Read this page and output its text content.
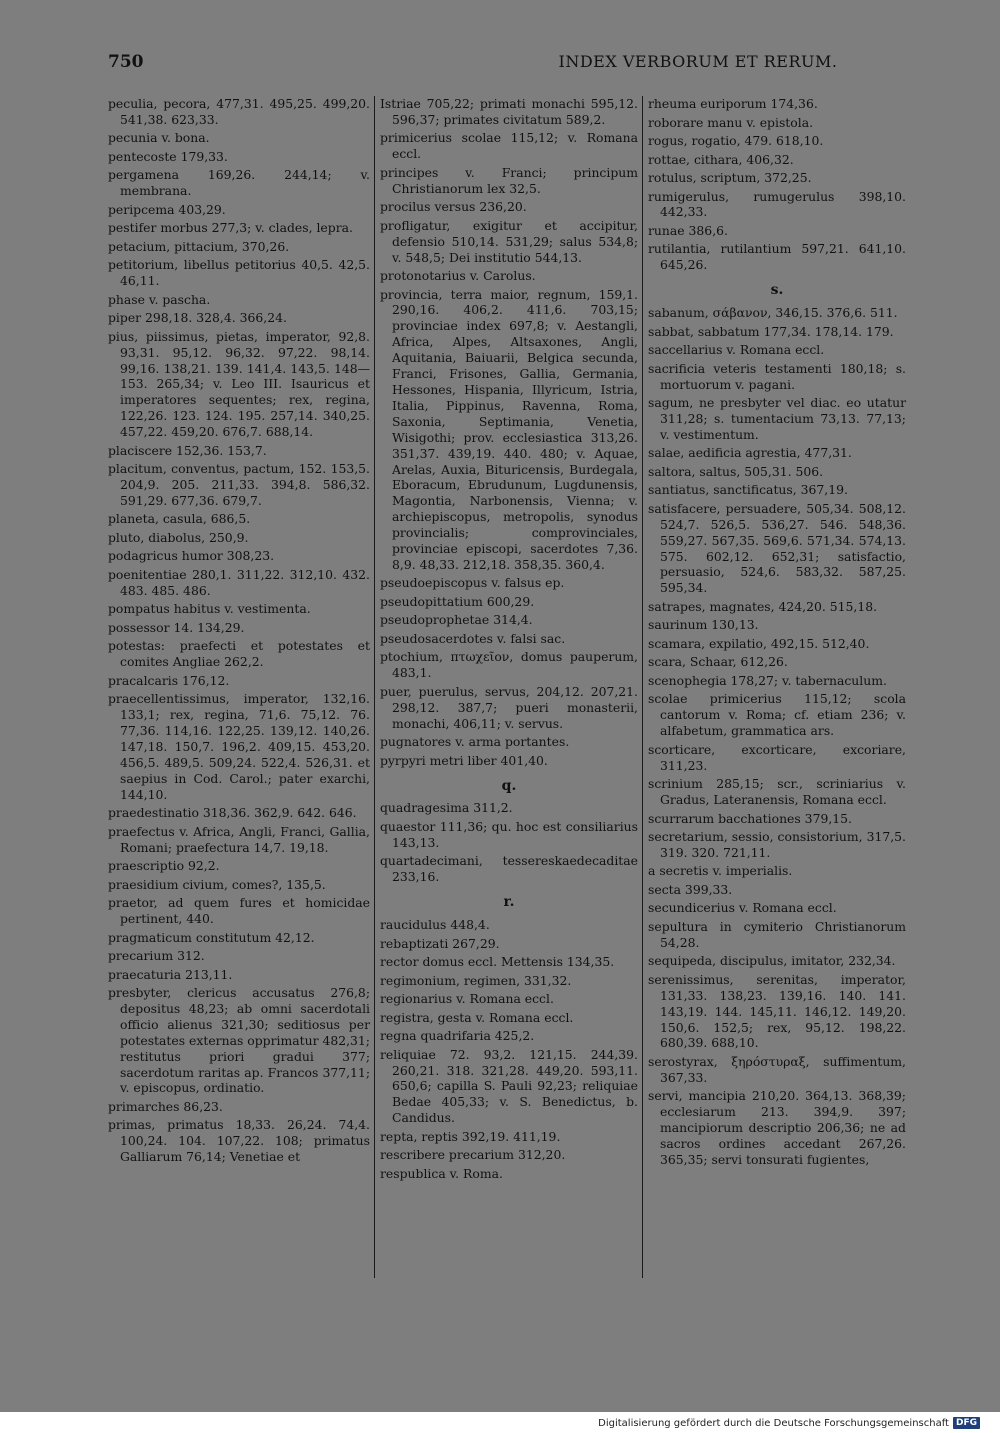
750	INDEX VERBORUM ET RERUM.

peculia, pecora, 477,31. 495,25. 499,20. 541,38. 623,33.

pecunia v. bona.

pentecoste 179,33.

pergamena 169,26. 244,14; v. membrana.

peripcema 403,29.

pestifer morbus 277,3; v. clades, lepra.

petacium, pittacium, 370,26.

petitorium, libellus petitorius 40,5. 42,5. 46,11.

phase v. pascha.

piper 298,18. 328,4. 366,24.

pius, piissimus, pietas, imperator, 92,8. 93,31. 95,12. 96,32. 97,22. 98,14. 99,16. 138,21. 139. 141,4. 143,5. 148—153. 265,34; v. Leo III. Isauricus et imperatores sequentes; rex, regina, 122,26. 123. 124. 195. 257,14. 340,25. 457,22. 459,20. 676,7. 688,14.

placiscere 152,36. 153,7.

placitum, conventus, pactum, 152. 153,5. 204,9. 205. 211,33. 394,8. 586,32. 591,29. 677,36. 679,7.

planeta, casula, 686,5.

pluto, diabolus, 250,9.

podagricus humor 308,23.

poenitentiae 280,1. 311,22. 312,10. 432. 483. 485. 486.

pompatus habitus v. vestimenta.

possessor 14. 134,29.

potestas: praefecti et potestates et comites Angliae 262,2.

pracalcaris 176,12.

praecellentissimus, imperator, 132,16. 133,1; rex, regina, 71,6. 75,12. 76. 77,36. 114,16. 122,25. 139,12. 140,26. 147,18. 150,7. 196,2. 409,15. 453,20. 456,5. 489,5. 509,24. 522,4. 526,31. et saepius in Cod. Carol.; pater exarchi, 144,10.

praedestinatio 318,36. 362,9. 642. 646.

praefectus v. Africa, Angli, Franci, Gallia, Romani; praefectura 14,7. 19,18.

praescriptio 92,2.

praesidium civium, comes?, 135,5.

praetor, ad quem fures et homicidae pertinent, 440.

pragmaticum constitutum 42,12.

precarium 312.

praecaturia 213,11.

presbyter, clericus accusatus 276,8; depositus 48,23; ab omni sacerdotali officio alienus 321,30; seditiosus per potestates externas opprimatur 482,31; restitutus priori gradui 377; sacerdotum raritas ap. Francos 377,11; v. episcopus, ordinatio.

primarches 86,23.

primas, primatus 18,33. 26,24. 74,4. 100,24. 104. 107,22. 108; primatus Galliarum 76,14; Venetiae et

Istriae 705,22; primati monachi 595,12. 596,37; primates civitatum 589,2.

primicerius scolae 115,12; v. Romana eccl.

principes v. Franci; principum Christianorum lex 32,5.

procilus versus 236,20.

profligatur, exigitur et accipitur, defensio 510,14. 531,29; salus 534,8; v. 548,5; Dei institutio 544,13.

protonotarius v. Carolus.

provincia, terra maior, regnum, 159,1. 290,16. 406,2. 411,6. 703,15; provinciae index 697,8; v. Aestangli, Africa, Alpes, Altsaxones, Angli, Aquitania, Baiuarii, Belgica secunda, Franci, Frisones, Gallia, Germania, Hessones, Hispania, Illyricum, Istria, Italia, Pippinus, Ravenna, Roma, Saxonia, Septimania, Venetia, Wisigothi; prov. ecclesiastica 313,26. 351,37. 439,19. 440. 480; v. Aquae, Arelas, Auxia, Bituricensis, Burdegala, Eboracum, Ebrudunum, Lugdunensis, Magontia, Narbonensis, Vienna; v. archiepiscopus, metropolis, synodus provincialis; comprovinciales, provinciae episcopi, sacerdotes 7,36. 8,9. 48,33. 212,18. 358,35. 360,4.

pseudoepiscopus v. falsus ep.

pseudopittatium 600,29.

pseudoprophetae 314,4.

pseudosacerdotes v. falsi sac.

ptochium, πτωχεῖον, domus pauperum, 483,1.

puer, puerulus, servus, 204,12. 207,21. 298,12. 387,7; pueri monasterii, monachi, 406,11; v. servus.

pugnatores v. arma portantes.

pyrpyri metri liber 401,40.

q.

quadragesima 311,2.

quaestor 111,36; qu. hoc est consiliarius 143,13.

quartadecimani, tessereskaedecaditae 233,16.

r.

raucidulus 448,4.

rebaptizati 267,29.

rector domus eccl. Mettensis 134,35.

regimonium, regimen, 331,32.

regionarius v. Romana eccl.

registra, gesta v. Romana eccl.

regna quadrifaria 425,2.

reliquiae 72. 93,2. 121,15. 244,39. 260,21. 318. 321,28. 449,20. 593,11. 650,6; capilla S. Pauli 92,23; reliquiae Bedae 405,33; v. S. Benedictus, b. Candidus.

repta, reptis 392,19. 411,19.

rescribere precarium 312,20.

respublica v. Roma.

rheuma euriporum 174,36.

roborare manu v. epistola.

rogus, rogatio, 479. 618,10.

rottae, cithara, 406,32.

rotulus, scriptum, 372,25.

rumigerulus, rumugerulus 398,10. 442,33.

runae 386,6.

rutilantia, rutilantium 597,21. 641,10. 645,26.

s.

sabanum, σάβανον, 346,15. 376,6. 511.

sabbat, sabbatum 177,34. 178,14. 179.

saccellarius v. Romana eccl.

sacrificia veteris testamenti 180,18; s. mortuorum v. pagani.

sagum, ne presbyter vel diac. eo utatur 311,28; s. tumentacium 73,13. 77,13; v. vestimentum.

salae, aedificia agrestia, 477,31.

saltora, saltus, 505,31. 506.

santiatus, sanctificatus, 367,19.

satisfacere, persuadere, 505,34. 508,12. 524,7. 526,5. 536,27. 546. 548,36. 559,27. 567,35. 569,6. 571,34. 574,13. 575. 602,12. 652,31; satisfactio, persuasio, 524,6. 583,32. 587,25. 595,34.

satrapes, magnates, 424,20. 515,18.

saurinum 130,13.

scamara, expilatio, 492,15. 512,40.

scara, Schaar, 612,26.

scenophegia 178,27; v. tabernaculum.

scolae primicerius 115,12; scola cantorum v. Roma; cf. etiam 236; v. alfabetum, grammatica ars.

scorticare, excorticare, excoriare, 311,23.

scrinium 285,15; scr., scriniarius v. Gradus, Lateranensis, Romana eccl.

scurrarum bacchationes 379,15.

secretarium, sessio, consistorium, 317,5. 319. 320. 721,11.

a secretis v. imperialis.

secta 399,33.

secundicerius v. Romana eccl.

sepultura in cymiterio Christianorum 54,28.

sequipeda, discipulus, imitator, 232,34.

serenissimus, serenitas, imperator, 131,33. 138,23. 139,16. 140. 141. 143,19. 144. 145,11. 146,12. 149,20. 150,6. 152,5; rex, 95,12. 198,22. 680,39. 688,10.

serostyrax, ξηρόστυραξ, suffimentum, 367,33.

servi, mancipia 210,20. 364,13. 368,39; ecclesiarum 213. 394,9. 397; mancipiorum descriptio 206,36; ne ad sacros ordines accedant 267,26. 365,35; servi tonsurati fugientes,

Digitalisierung gefördert durch die Deutsche Forschungsgemeinschaft DFG
